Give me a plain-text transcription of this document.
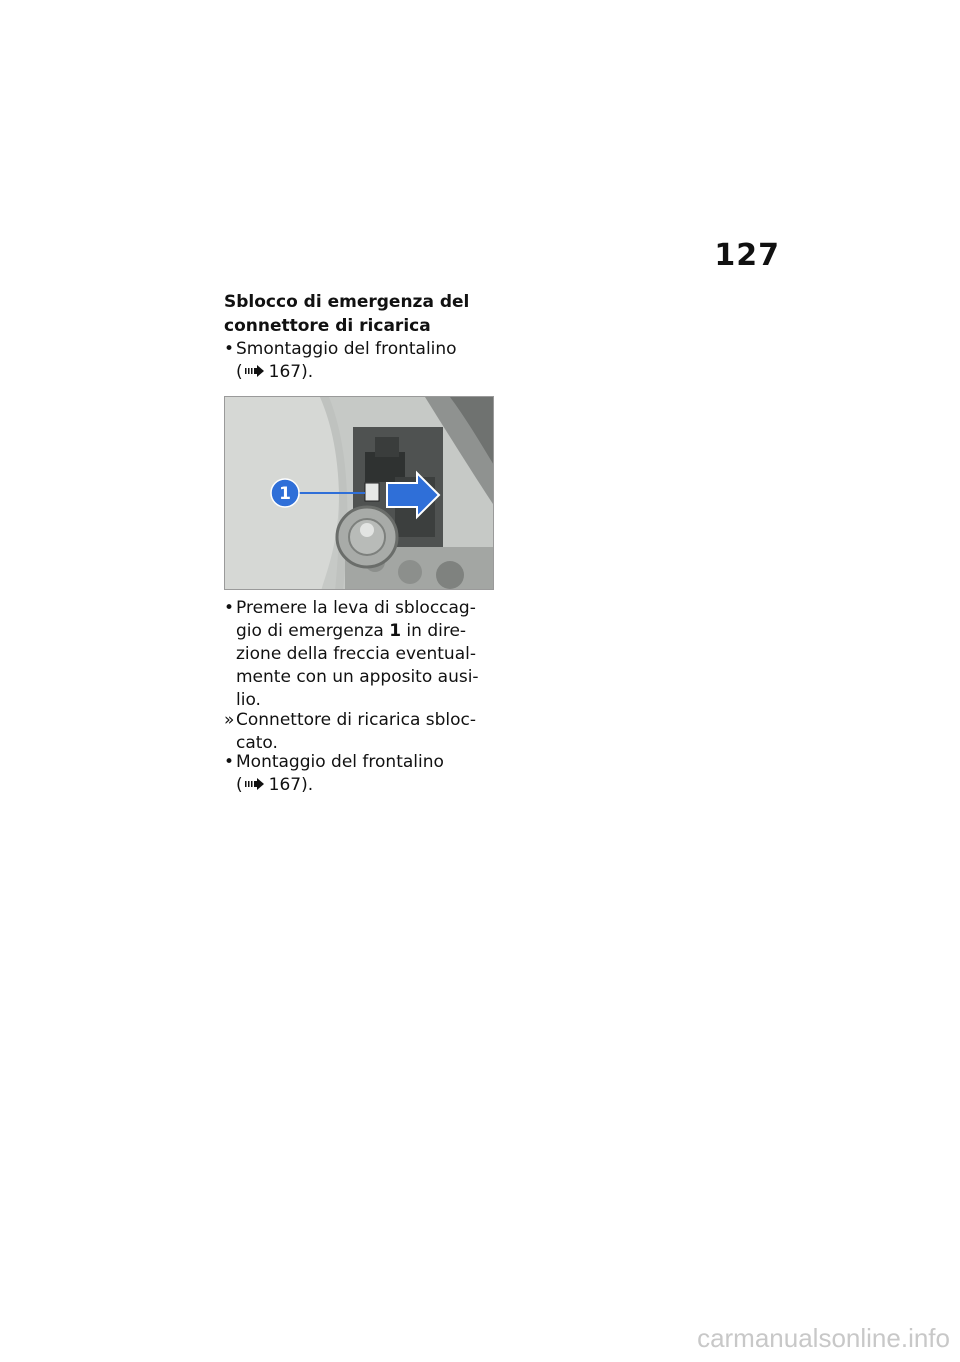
127
Sblocco di emergenza del
connettore di ricarica
• Smontaggio del frontalino
( 167).
1
• Premere la leva di sbloccag-
gio di emergenza 1 in dire-
zione della freccia eventual-
mente con un apposito ausi-
lio.
» Connettore di ricarica sbloc-
cato.
• Montaggio del frontalino
( 167).
carmanualsonline.info
